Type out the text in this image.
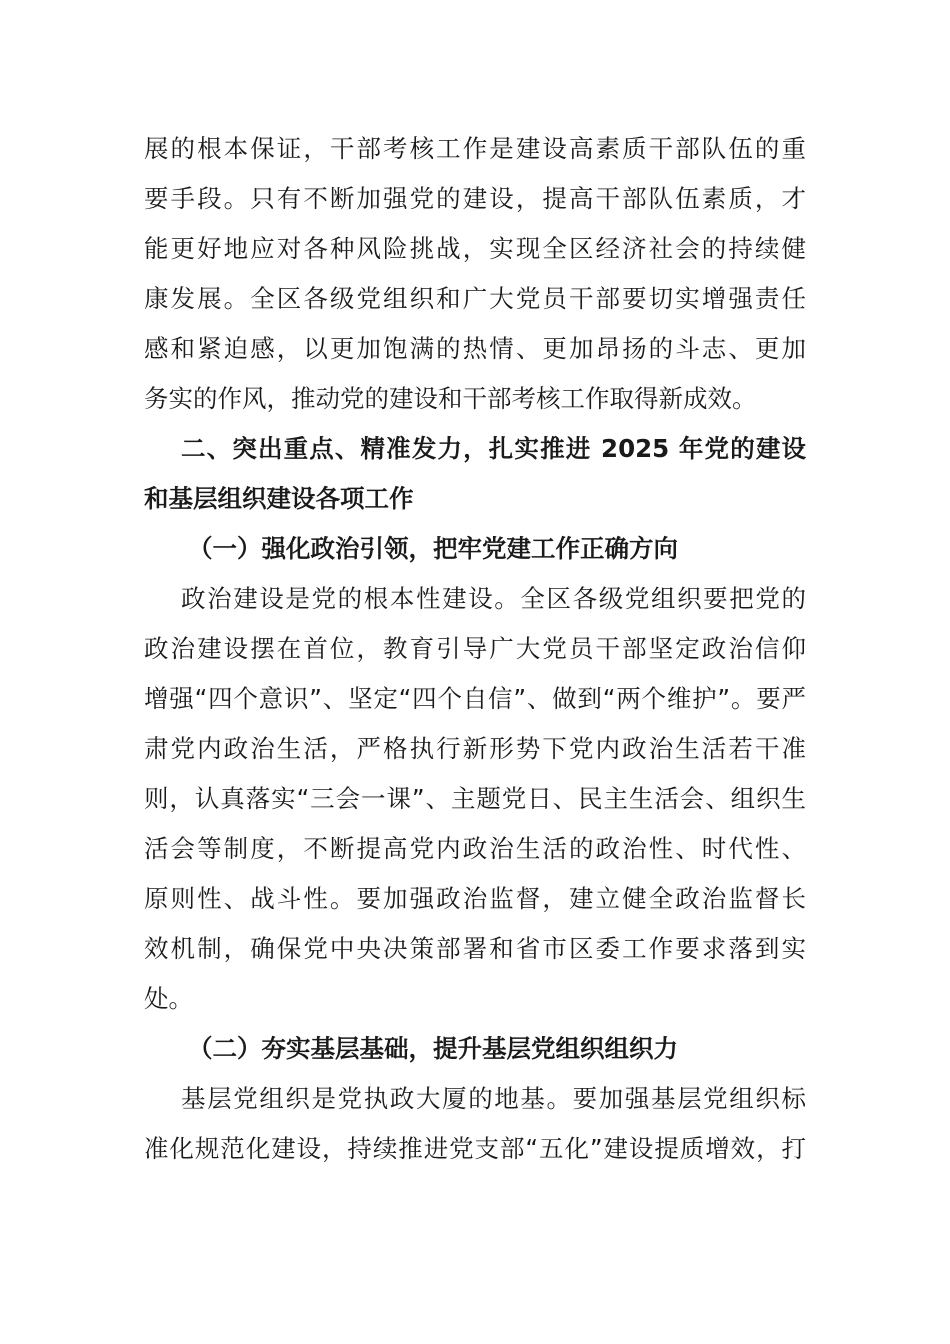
展的根本保证，干部考核工作是建设高素质干部队伍的重
要手段。只有不断加强党的建设，提高干部队伍素质，才
能更好地应对各种风险挑战，实现全区经济社会的持续健
康发展。全区各级党组织和广大党员干部要切实增强责任
感和紧迫感，以更加饱满的热情、更加昂扬的斗志、更加
务实的作风，推动党的建设和干部考核工作取得新成效。
二、突出重点、精准发力，扎实推进 2025 年党的建设
和基层组织建设各项工作
（一）强化政治引领，把牢党建工作正确方向
政治建设是党的根本性建设。全区各级党组织要把党的
政治建设摆在首位，教育引导广大党员干部坚定政治信仰
增强“四个意识”、坚定“四个自信”、做到“两个维护”。要严
肃党内政治生活，严格执行新形势下党内政治生活若干准
则，认真落实“三会一课”、主题党日、民主生活会、组织生
活会等制度，不断提高党内政治生活的政治性、时代性、
原则性、战斗性。要加强政治监督，建立健全政治监督长
效机制，确保党中央决策部署和省市区委工作要求落到实
处。
（二）夯实基层基础，提升基层党组织组织力
基层党组织是党执政大厦的地基。要加强基层党组织标
准化规范化建设，持续推进党支部“五化”建设提质增效，打
